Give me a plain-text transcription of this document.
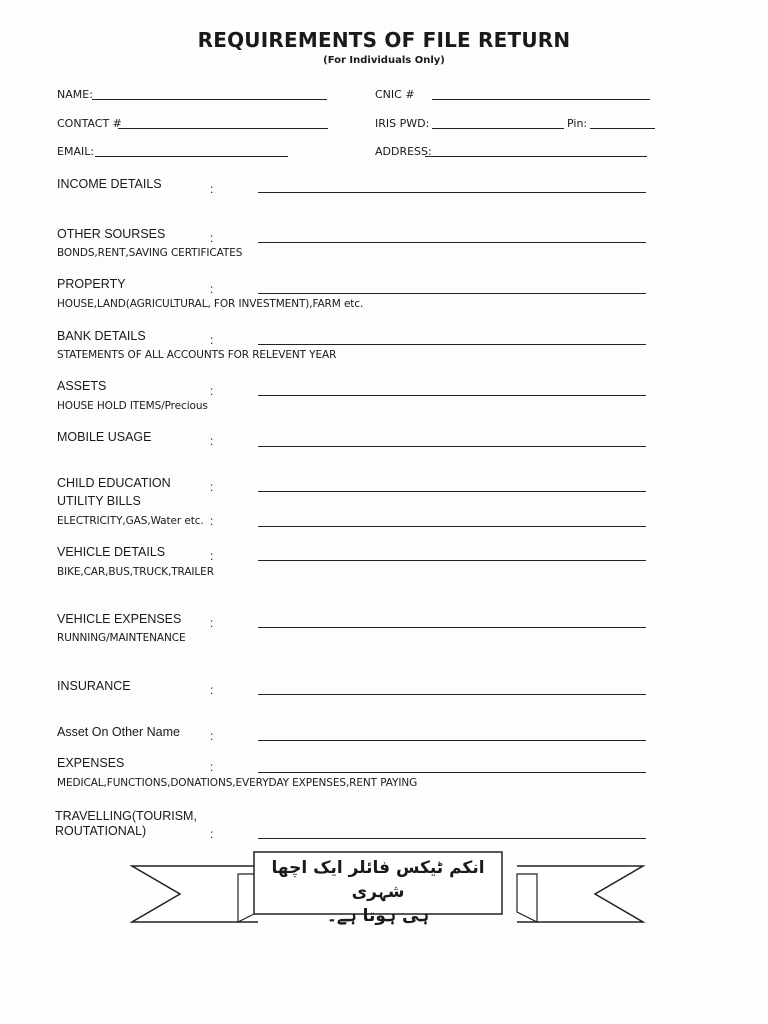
REQUIREMENTS OF FILE RETURN
(For Individuals Only)
NAME:	CNIC #
CONTACT #	IRIS PWD:	Pin:
EMAIL:	ADDRESS:
INCOME DETAILS	:
OTHER SOURSES	:
BONDS,RENT,SAVING CERTIFICATES
PROPERTY	:
HOUSE,LAND(AGRICULTURAL, FOR INVESTMENT),FARM etc.
BANK DETAILS	:
STATEMENTS OF ALL ACCOUNTS FOR RELEVENT YEAR
ASSETS	:
HOUSE HOLD ITEMS/Precious
MOBILE USAGE	:
CHILD EDUCATION	:
UTILITY BILLS
ELECTRICITY,GAS,Water etc. :
VEHICLE DETAILS	:
BIKE,CAR,BUS,TRUCK,TRAILER
VEHICLE EXPENSES :
RUNNING/MAINTENANCE
INSURANCE	:
Asset On Other Name	:
EXPENSES	:
MEDICAL,FUNCTIONS,DONATIONS,EVERYDAY EXPENSES,RENT PAYING
TRAVELLING(TOURISM,
ROUTATIONAL)	:
انکم ٹیکس فائلر ایک اچھا شہری
ہی ہوتا ہے۔
